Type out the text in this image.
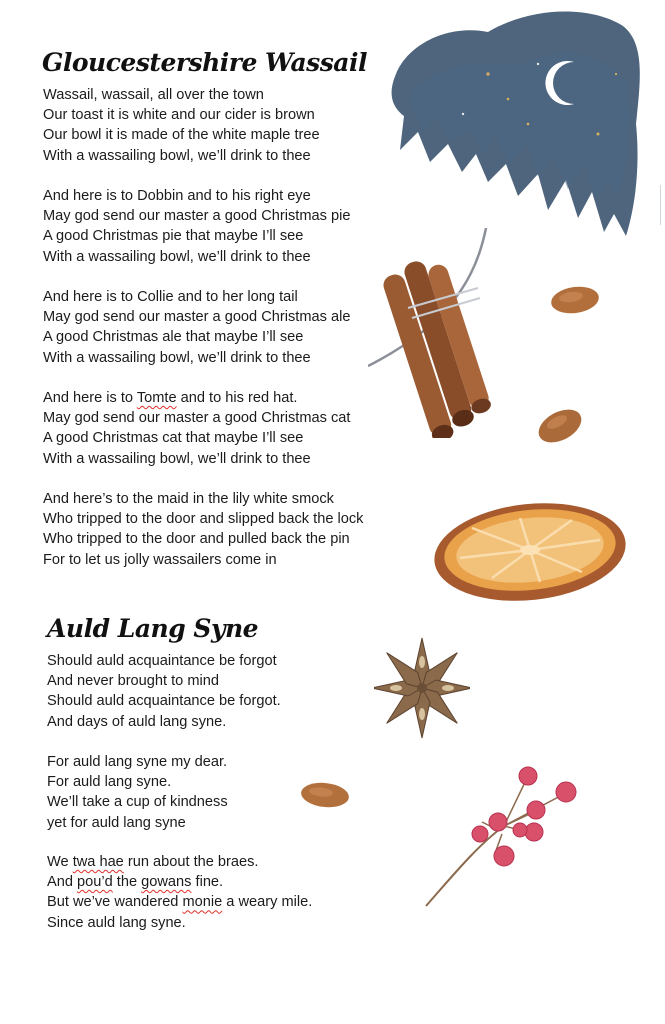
Gloucestershire Wassail
Wassail, wassail, all over the town
Our toast it is white and our cider is brown
Our bowl it is made of the white maple tree
With a wassailing bowl, we’ll drink to thee
And here is to Dobbin and to his right eye
May god send our master a good Christmas pie
A good Christmas pie that maybe I’ll see
With a wassailing bowl, we’ll drink to thee
And here is to Collie and to her long tail
May god send our master a good Christmas ale
A good Christmas ale that maybe I’ll see
With a wassailing bowl, we’ll drink to thee
And here is to Tomte and to his red hat.
May god send our master a good Christmas cat
A good Christmas cat that maybe I’ll see
With a wassailing bowl, we’ll drink to thee
And here’s to the maid in the lily white smock
Who tripped to the door and slipped back the lock
Who tripped to the door and pulled back the pin
For to let us jolly wassailers come in
Auld Lang Syne
Should auld acquaintance be forgot
And never brought to mind
Should auld acquaintance be forgot.
And days of auld lang syne.
For auld lang syne my dear.
For auld lang syne.
We’ll take a cup of kindness
yet for auld lang syne
We twa hae run about the braes.
And pou’d the gowans fine.
But we’ve wandered monie a weary mile.
Since auld lang syne.
